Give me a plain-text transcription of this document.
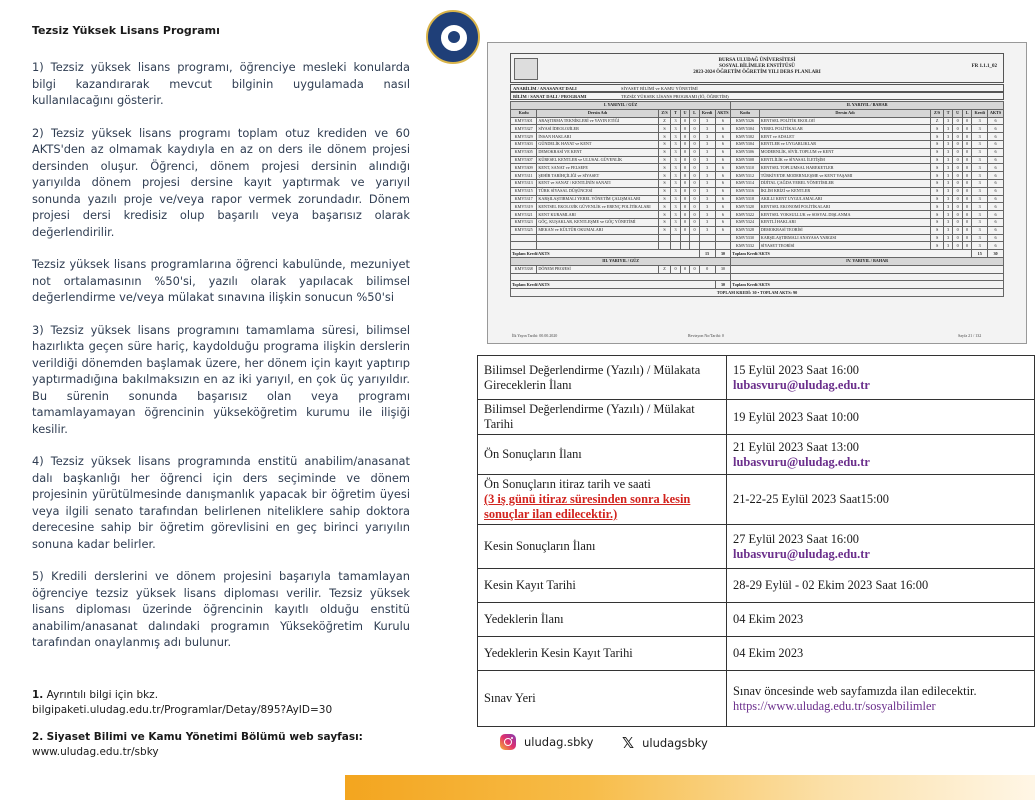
Tezsiz Yüksek Lisans Programı

1) Tezsiz yüksek lisans programı, öğrenciye mesleki konularda bilgi kazandırarak mevcut bilginin uygulamada nasıl kullanılacağını gösterir.

2) Tezsiz yüksek lisans programı toplam otuz krediden ve 60 AKTS'den az olmamak kaydıyla en az on ders ile dönem projesi dersinden oluşur. Öğrenci, dönem projesi dersinin alındığı yarıyılda dönem projesi dersine kayıt yaptırmak ve yarıyıl sonunda yazılı proje ve/veya rapor vermek zorundadır. Dönem projesi dersi kredisiz olup başarılı veya başarısız olarak değerlendirilir.

Tezsiz yüksek lisans programlarına öğrenci kabulünde, mezuniyet not ortalamasının %50'si, yazılı olarak yapılacak bilimsel değerlendirme ve/veya mülakat sınavına ilişkin sonucun %50'si

3) Tezsiz yüksek lisans programını tamamlama süresi, bilimsel hazırlıkta geçen süre hariç, kaydolduğu programa ilişkin derslerin verildiği dönemden başlamak üzere, her dönem için kayıt yaptırıp yaptırmadığına bakılmaksızın en az iki yarıyıl, en çok üç yarıyıldır. Bu sürenin sonunda başarısız olan veya programı tamamlayamayan öğrencinin yükseköğretim kurumu ile ilişiği kesilir.

4) Tezsiz yüksek lisans programında enstitü anabilim/anasanat dalı başkanlığı her öğrenci için ders seçiminde ve dönem projesinin yürütülmesinde danışmanlık yapacak bir öğretim üyesi veya ilgili senato tarafından belirlenen niteliklere sahip doktora derecesine sahip bir öğretim görevlisini en geç birinci yarıyılın sonuna kadar belirler.

5) Kredili derslerini ve dönem projesini başarıyla tamamlayan öğrenciye tezsiz yüksek lisans diploması verilir. Tezsiz yüksek lisans diploması üzerinde öğrencinin kayıtlı olduğu enstitü anabilim/anasanat dalındaki programın Yükseköğretim Kurulu tarafından onaylanmış adı bulunur.

1. Ayrıntılı bilgi için bkz.
bilgipaketi.uludag.edu.tr/Programlar/Detay/895?AyID=30
2. Siyaset Bilimi ve Kamu Yönetimi Bölümü web sayfası:
www.uludag.edu.tr/sbky
BURSA ULUDAĞ ÜNİVERSİTESİ
SOSYAL BİLİMLER ENSTİTÜSÜ
2023-2024 ÖĞRETİM ÖĞRETİM YILI DERS PLANLARI
FR 1.1.1_02
ANABİLİM / ANASANAT DALI	SİYASET BİLİMİ ve KAMU YÖNETİMİ
BİLİM / SANAT DALI / PROGRAMI	TEZSİZ YÜKSEK LİSANS PROGRAMI (İÖ, ÖĞRETİM)
I. YARIYIL / GÜZ								II. YARIYIL / BAHAR							
Kodu	Dersin Adı	Z/S	T	U	L	Kredi	AKTS	Kodu	Dersin Adı	Z/S	T	U	L	Kredi	AKTS
KMV5301	ARAŞTIRMA TEKNİKLERİ ve YAYIN ETİĞİ	Z	3	0	0	3	6	KMV5326	KENTSEL POLİTİK EKOLOJİ	Z	3	0	0	3	6
KMV5327	SİYASİ İDEOLOJİLER	S	3	0	0	3	6	KMV5304	YEREL POLİTİKALAR	S	3	0	0	3	6
KMV5329	İNSAN HAKLARI	S	3	0	0	3	6	KMV5302	KENT ve ADALET	S	3	0	0	3	6
KMV5303	GÜNDELİK HAYAT ve KENT	S	3	0	0	3	6	KMV5304	KENTLER ve UYGARLIKLAR	S	3	0	0	3	6
KMV5305	DEMOKRASİ VE KENT	S	3	0	0	3	6	KMV5306	MODERNLİK, SİVİL TOPLUM ve KENT	S	3	0	0	3	6
KMV5307	KÜRESEL KENTLER ve ULUSAL GÜVENLİK	S	3	0	0	3	6	KMV5308	KENTLİLİK ve SİYASAL İLETİŞİM	S	3	0	0	3	6
KMV5309	KENT, SANAT ve FELSEFE	S	3	0	0	3	6	KMV5310	KENTSEL TOPLUMSAL HAREKETLER	S	3	0	0	3	6
KMV5311	ŞEHİR TARİHÇİLİĞİ ve SİYASET	S	3	0	0	3	6	KMV5312	TÜRKİYE'DE MODERNLEŞME ve KENT YAŞAMI	S	3	0	0	3	6
KMV5313	KENT ve SANAT / KENTLİNİN SANATI	S	3	0	0	3	6	KMV5314	DİJİTAL ÇAĞDA YEREL YÖNETİMLER	S	3	0	0	3	6
KMV5315	TÜRK SİYASAL DÜŞÜNCESİ	S	3	0	0	3	6	KMV5316	İKLİM KRİZİ ve KENTLER	S	3	0	0	3	6
KMV5317	KARŞILAŞTIRMALI YEREL YÖNETİM ÇALIŞMALARI	S	3	0	0	3	6	KMV5318	AKILLI KENT UYGULAMALARI	S	3	0	0	3	6
KMV5319	KENTSEL EKOLOJİK GÜVENLİK ve ERENÇ POLİTİKALARI	S	3	0	0	3	6	KMV5320	KENTSEL EKONOMİ POLİTİKALARI	S	3	0	0	3	6
KMV5321	KENT KURAMLARI	S	3	0	0	3	6	KMV5322	KENTSEL YOKSULLUK ve SOSYAL DIŞLANMA	S	3	0	0	3	6
KMV5323	GÖÇ, KUŞAKLAR, KENTLEŞME ve GÖÇ YÖNETİMİ	S	3	0	0	3	6	KMV5324	KENTLİ HAKLARI	S	3	0	0	3	6
KMV5325	MEKAN ve KÜLTÜR OKUMALARI	S	3	0	0	3	6	KMV5328	DEMOKRASİ TEORİSİ	S	3	0	0	3	6
								KMV5330	KARŞILAŞTIRMALI ANAYASA YARGISI	S	3	0	0	3	6
								KMV5332	SİYASET TEORİSİ	S	3	0	0	3	6
Toplam Kredi/AKTS						15	30	Toplam Kredi/AKTS						15	30
III. YARIYIL / GÜZ								IV. YARIYIL / BAHAR							
KMV5338	DÖNEM PROJESİ	Z	0	0	0	0	30								

Toplam Kredi/AKTS							30	Toplam Kredi/AKTS							
TOPLAM KREDİ: 30 • TOPLAM AKTS: 90															
İlk Yayın Tarihi: 00.00.2020	Revizyon No/Tarihi: 0	Sayfa 21 / 132
Bilimsel Değerlendirme (Yazılı) / Mülakata Gireceklerin İlanı	15 Eylül 2023 Saat 16:00
lubasvuru@uludag.edu.tr
Bilimsel Değerlendirme (Yazılı) / Mülakat Tarihi	19 Eylül 2023 Saat 10:00
Ön Sonuçların İlanı	21 Eylül 2023 Saat 13:00
lubasvuru@uludag.edu.tr
Ön Sonuçların itiraz tarih ve saati
(3 iş günü itiraz süresinden sonra kesin sonuçlar ilan edilecektir.)	21-22-25 Eylül 2023 Saat15:00
Kesin Sonuçların İlanı	27 Eylül 2023 Saat 16:00
lubasvuru@uludag.edu.tr
Kesin Kayıt Tarihi	28-29 Eylül - 02 Ekim 2023 Saat 16:00
Yedeklerin İlanı	04 Ekim 2023
Yedeklerin Kesin Kayıt Tarihi	04 Ekim 2023
Sınav Yeri	Sınav öncesinde web sayfamızda ilan edilecektir.
https://www.uludag.edu.tr/sosyalbilimler
uludag.sbky 𝕏 uludagsbky
